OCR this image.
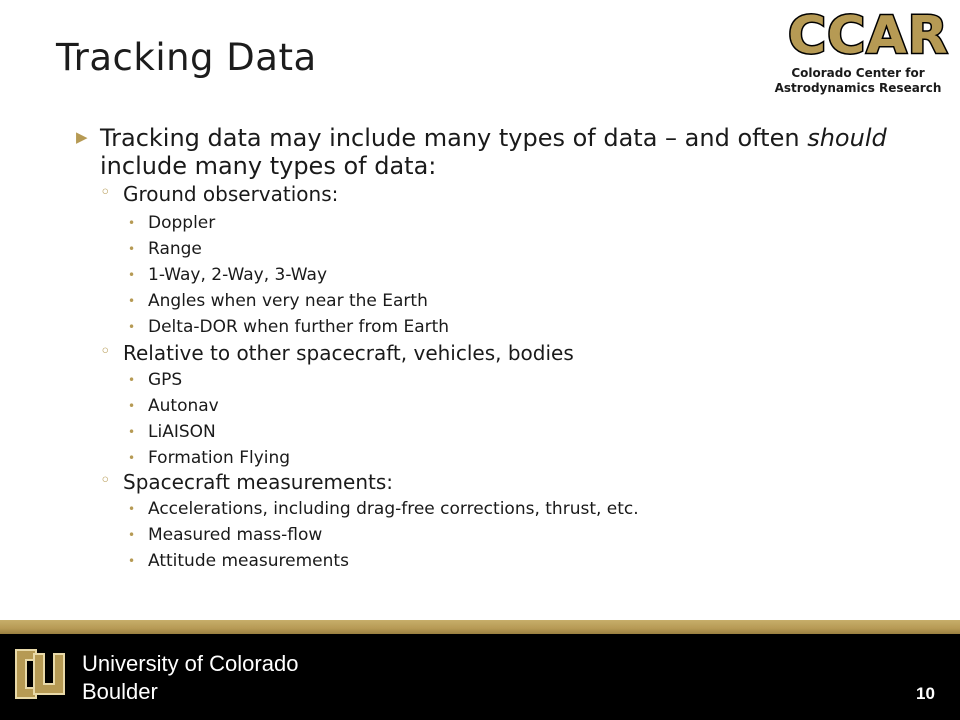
Tracking Data	CCAR
Colorado Center for
Astrodynamics Research
▶ Tracking data may include many types of data – and often should include many types of data:
◦ Ground observations:
• Doppler
• Range
• 1-Way, 2-Way, 3-Way
• Angles when very near the Earth
• Delta-DOR when further from Earth
◦ Relative to other spacecraft, vehicles, bodies
• GPS
• Autonav
• LiAISON
• Formation Flying
◦ Spacecraft measurements:
• Accelerations, including drag-free corrections, thrust, etc.
• Measured mass-flow
• Attitude measurements
University of Colorado
Boulder	10
